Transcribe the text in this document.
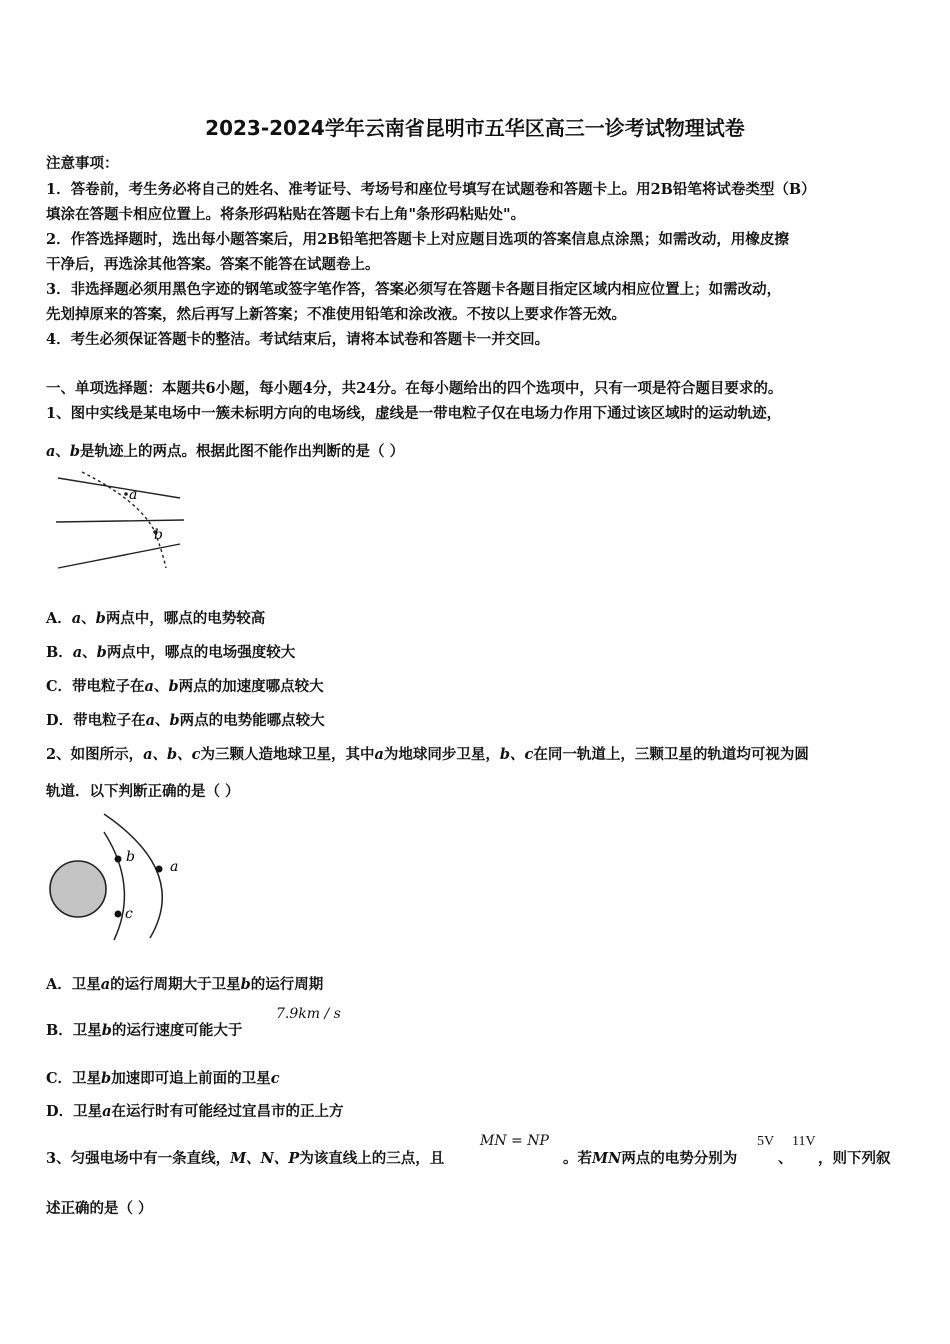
2023-2024学年云南省昆明市五华区高三一诊考试物理试卷
注意事项：
1．答卷前，考生务必将自己的姓名、准考证号、考场号和座位号填写在试题卷和答题卡上。用2B铅笔将试卷类型（B）
填涂在答题卡相应位置上。将条形码粘贴在答题卡右上角"条形码粘贴处"。
2．作答选择题时，选出每小题答案后，用2B铅笔把答题卡上对应题目选项的答案信息点涂黑；如需改动，用橡皮擦
干净后，再选涂其他答案。答案不能答在试题卷上。
3．非选择题必须用黑色字迹的钢笔或签字笔作答，答案必须写在答题卡各题目指定区域内相应位置上；如需改动，
先划掉原来的答案，然后再写上新答案；不准使用铅笔和涂改液。不按以上要求作答无效。
4．考生必须保证答题卡的整洁。考试结束后，请将本试卷和答题卡一并交回。
一、单项选择题：本题共6小题，每小题4分，共24分。在每小题给出的四个选项中，只有一项是符合题目要求的。
1、图中实线是某电场中一簇未标明方向的电场线，虚线是一带电粒子仅在电场力作用下通过该区域时的运动轨迹，
a、b是轨迹上的两点。根据此图不能作出判断的是（ ）
a
b
A．a、b两点中，哪点的电势较高
B．a、b两点中，哪点的电场强度较大
C．带电粒子在a、b两点的加速度哪点较大
D．带电粒子在a、b两点的电势能哪点较大
2、如图所示，a、b、c为三颗人造地球卫星，其中a为地球同步卫星，b、c在同一轨道上，三颗卫星的轨道均可视为圆
轨道．以下判断正确的是（ ）
b
c
a
A．卫星a的运行周期大于卫星b的运行周期
B．卫星b的运行速度可能大于
7.9km / s
C．卫星b加速即可追上前面的卫星c
D．卫星a在运行时有可能经过宜昌市的正上方
3、匀强电场中有一条直线，M、N、P为该直线上的三点，且
MN = NP
。若MN两点的电势分别为
5V
、
11V
，则下列叙
述正确的是（ ）
